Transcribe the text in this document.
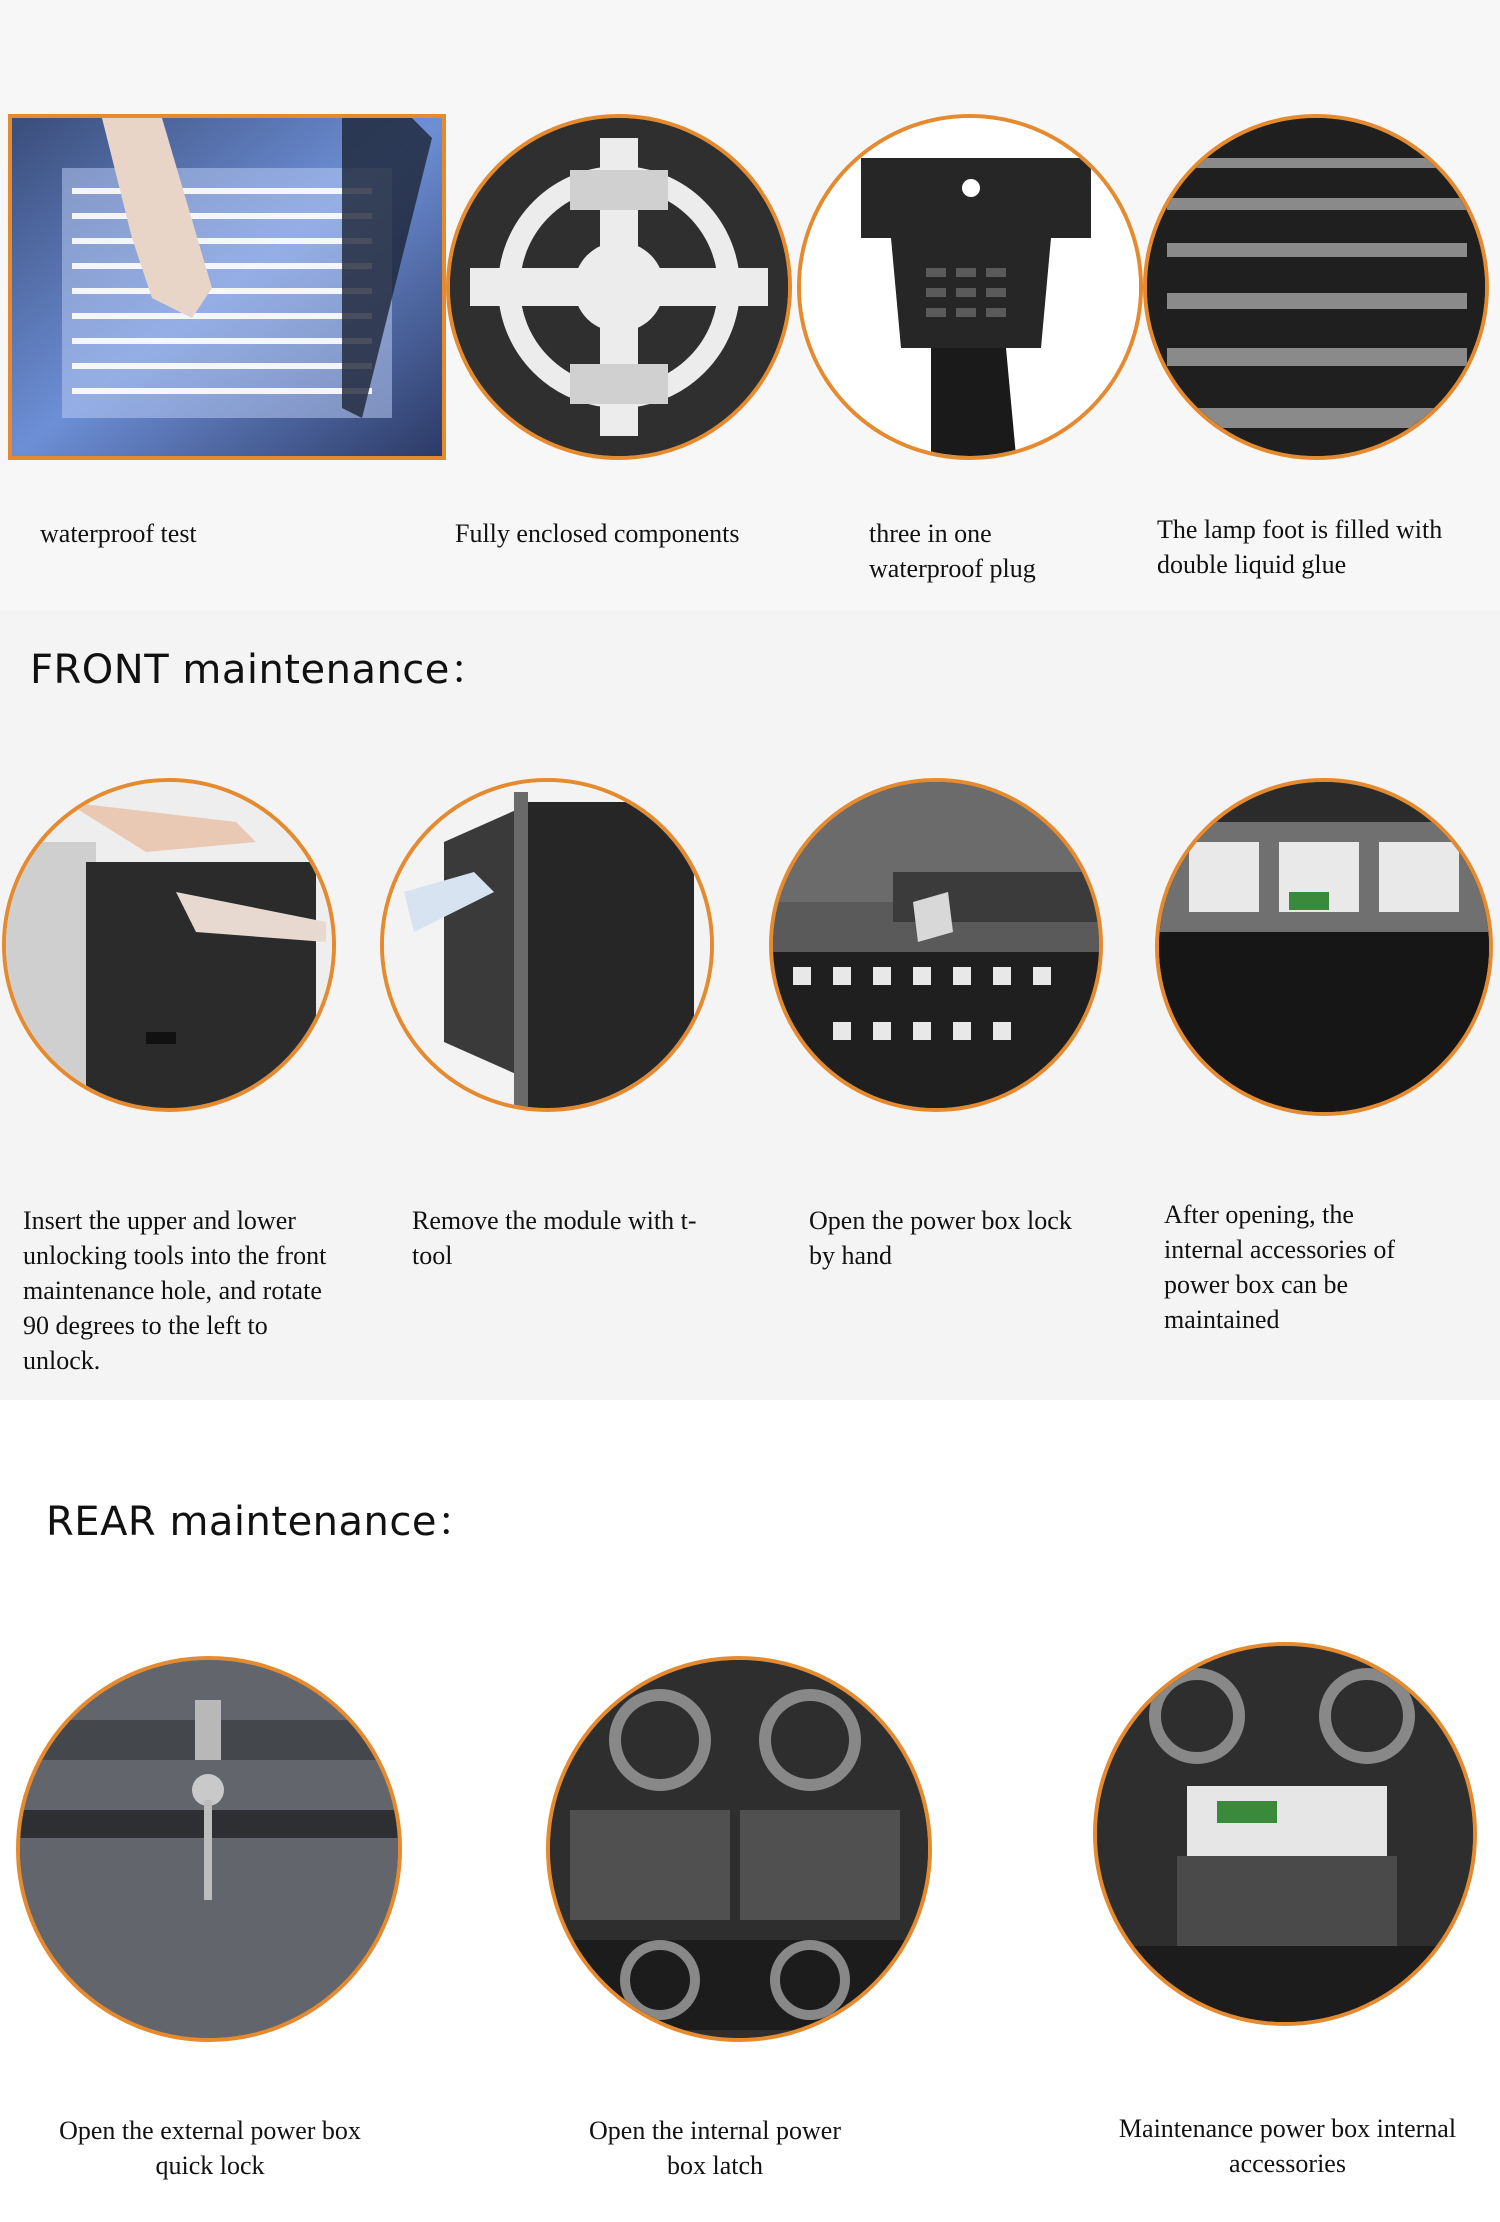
waterproof test	Fully enclosed components	three in one
waterproof plug
The lamp foot is filled with
double liquid glue
FRONT maintenance：
Insert the upper and lower
unlocking tools into the front
maintenance hole, and rotate
90 degrees to the left to
unlock.
Remove the module with t-
tool
Open the power box lock
by hand
After opening, the
internal accessories of
power box can be
maintained
REAR maintenance：
Open the external power box
quick lock
Open the internal power
box latch
Maintenance power box internal
accessories
